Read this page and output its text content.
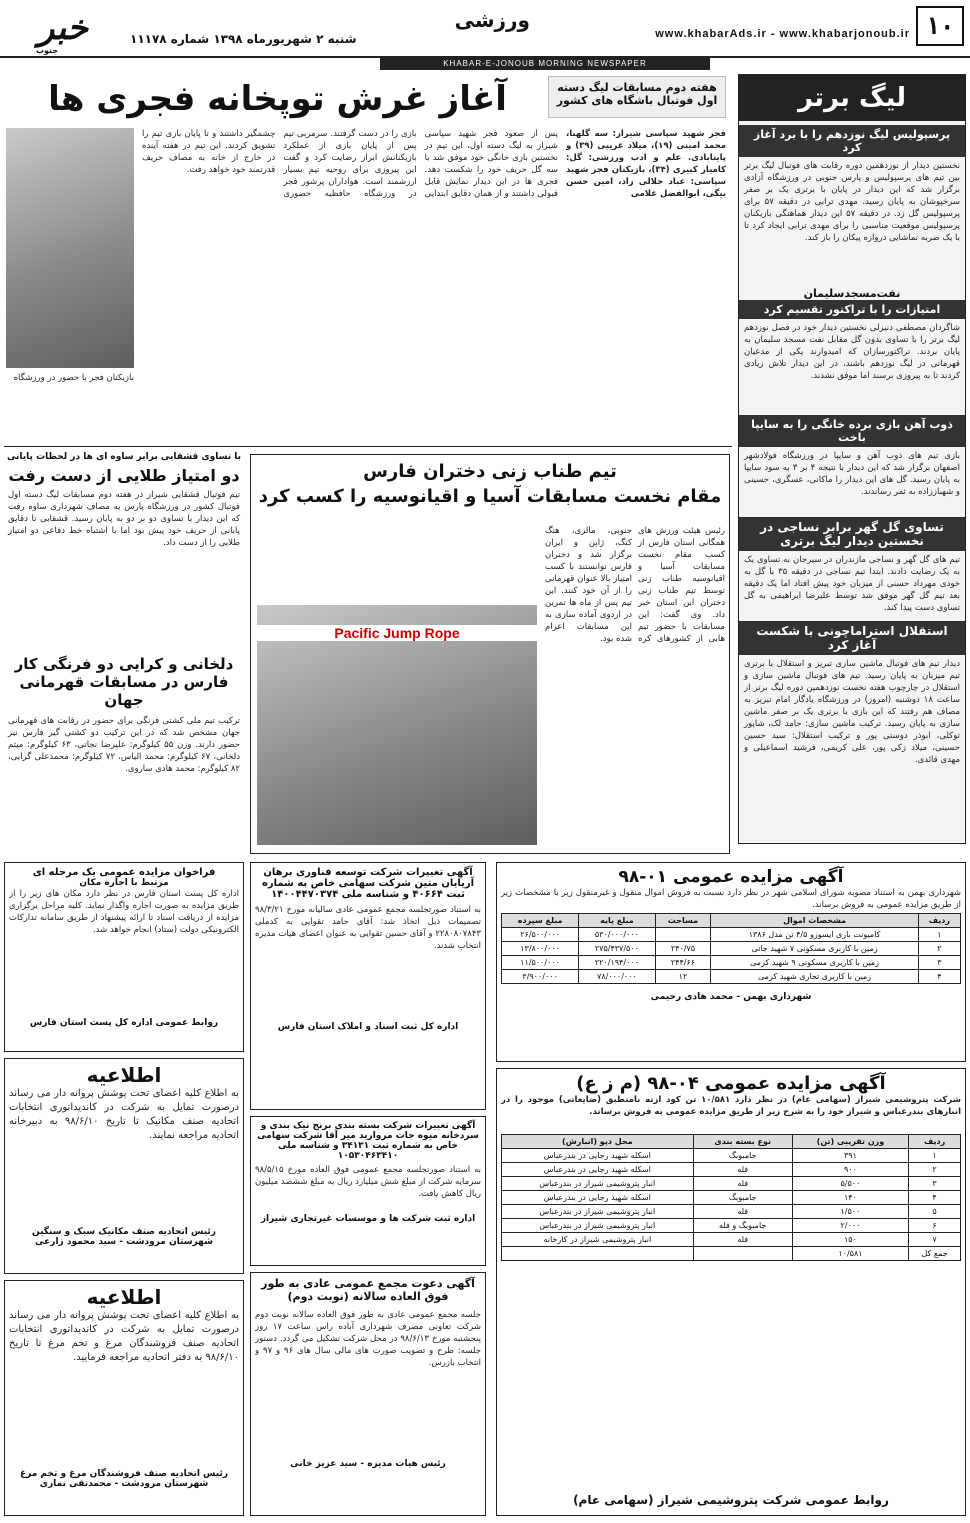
۱۰
ورزشی
www.khabarAds.ir - www.khabarjonoub.ir
شنبه ۲ شهریورماه ۱۳۹۸ شماره ۱۱۱۷۸
خبر
جنوب
KHABAR-E-JONOUB MORNING NEWSPAPER
لیگ برتر
پرسپولیس لیگ نوزدهم را با برد آغاز کرد
نخستین دیدار از نوزدهمین دوره رقابت های فوتبال لیگ برتر بین تیم های پرسپولیس و پارس جنوبی در ورزشگاه آزادی برگزار شد که این دیدار در پایان با برتری یک بر صفر سرخپوشان به پایان رسید. مهدی ترابی در دقیقه ۵۷ برای پرسپولیس گل زد. در دقیقه ۵۷ این دیدار هماهنگی بازیکنان پرسپولیس موقعیت مناسبی را برای مهدی ترابی ایجاد کرد تا با یک ضربه تماشایی دروازه پیکان را باز کند.
نفت‌مسجدسلیمان
امتیازات را با تراکتور تقسیم کرد
شاگردان مصطفی دنیزلی نخستین دیدار خود در فصل نوزدهم لیگ برتر را با تساوی بدون گل مقابل نفت مسجد سلیمان به پایان بردند. تراکتورسازان که امیدوارند یکی از مدعیان قهرمانی در لیگ نوزدهم باشند، در این دیدار تلاش زیادی کردند تا به پیروزی برسند اما موفق نشدند.
ذوب آهن بازی برده خانگی را به سایپا باخت
بازی تیم های ذوب آهن و سایپا در ورزشگاه فولادشهر اصفهان برگزار شد که این دیدار با نتیجه ۴ بر ۳ به سود سایپا به پایان رسید. گل های این دیدار را ماکانی، عسگری، حسینی و شهباززاده به ثمر رساندند.
تساوی گل گهر برابر نساجی در نخستین دیدار لیگ برتری
تیم های گل گهر و نساجی مازندران در سیرجان به تساوی یک به یک رضایت دادند. ابتدا تیم نساجی در دقیقه ۳۵ با گل به خودی مهرداد حسنی از میزبان خود پیش افتاد اما یک دقیقه بعد تیم گل گهر موفق شد توسط علیرضا ابراهیمی به گل تساوی دست پیدا کند.
استقلال استراماچونی با شکست آغاز کرد
دیدار تیم های فوتبال ماشین سازی تبریز و استقلال با برتری تیم میزبان به پایان رسید. تیم های فوتبال ماشین سازی و استقلال در چارچوب هفته نخست نوزدهمین دوره لیگ برتر از ساعت ۱۸ دوشنبه (امروز) در ورزشگاه یادگار امام تبریز به مصاف هم رفتند که این بازی با برتری یک بر صفر ماشین سازی به پایان رسید. ترکیب ماشین سازی: حامد لک، شاپور توکلی، ابوذر دوستی پور و ترکیب استقلال: سید حسین حسینی، میلاد زکی پور، علی کریمی، فرشید اسماعیلی و مهدی قائدی.
هفته دوم مسابقات لیگ دسته
اول فوتبال باشگاه های کشور
آغاز غرش توپخانه فجری ها
فجر شهید سپاسی شیراز: سه گلهبا، محمد امینی (۱۹)، میلاد غریبی (۳۹) و پاینابادی. علم و ادب ورزشی: گل: کامیار کبیری (۳۴)، بازیکنان فجر شهید سپاسی: عباد جلالی زاد، امین حسن بیگی، ابوالفضل غلامی
پس از صعود فجر شهید سپاسی شیراز به لیگ دسته اول، این تیم در نخستین بازی خانگی خود موفق شد با سه گل حریف خود را شکست دهد. فجری ها در این دیدار نمایش قابل قبولی داشتند و از همان دقایق ابتدایی بازی را در دست گرفتند. سرمربی تیم پس از پایان بازی از عملکرد بازیکنانش ابراز رضایت کرد و گفت این پیروزی برای روحیه تیم بسیار ارزشمند است. هواداران پرشور فجر در ورزشگاه حافظیه حضوری چشمگیر داشتند و تا پایان بازی تیم را تشویق کردند. این تیم در هفته آینده در خارج از خانه به مصاف حریف قدرتمند خود خواهد رفت.
بازیکنان فجر با حضور در ورزشگاه
با تساوی قشقایی برابر ساوه ای ها در لحظات پایانی
دو امتیاز طلایی از دست رفت
تیم فوتبال قشقایی شیراز در هفته دوم مسابقات لیگ دسته اول فوتبال کشور در ورزشگاه پارس به مصاف شهرداری ساوه رفت که این دیدار با تساوی دو بر دو به پایان رسید. قشقایی تا دقایق پایانی از حریف خود پیش بود اما با اشتباه خط دفاعی دو امتیاز طلایی را از دست داد.
دلخانی و کرایی دو فرنگی کار فارس در مسابقات قهرمانی جهان
ترکیب تیم ملی کشتی فرنگی برای حضور در رقابت های قهرمانی جهان مشخص شد که در این ترکیب دو کشتی گیر فارس نیز حضور دارند. وزن ۵۵ کیلوگرم: علیرضا نجاتی، ۶۳ کیلوگرم: میثم دلخانی، ۶۷ کیلوگرم: محمد الیاس، ۷۲ کیلوگرم: محمدعلی گرایی، ۸۲ کیلوگرم: محمد هادی ساروی.
تیم طناب زنی دختران فارس
مقام نخست مسابقات آسیا و اقیانوسیه را کسب کرد
رئیس هیئت ورزش های همگانی استان فارس از کسب مقام نخست مسابقات آسیا و اقیانوسیه طناب زنی توسط تیم طناب زنی دختران این استان خبر داد. وی گفت: این مسابقات با حضور تیم هایی از کشورهای کره جنوبی، مالزی، هنگ کنگ، ژاپن و ایران برگزار شد و دختران فارس توانستند با کسب امتیاز بالا عنوان قهرمانی را از آن خود کنند. این تیم پس از ماه ها تمرین در اردوی آماده سازی به این مسابقات اعزام شده بود.
Pacific Jump Rope
آگهی مزایده عمومی ۰۱-۹۸
شهرداری بهمن به استناد مصوبه شورای اسلامی شهر در نظر دارد نسبت به فروش اموال منقول و غیرمنقول زیر با مشخصات زیر از طریق مزایده عمومی به فروش برساند.
ردیف	مشخصات اموال	مساحت	مبلغ پایه	مبلغ سپرده
۱	کامیونت باری ایسوزو ۴/۵ تن مدل ۱۳۸۶		۵۳۰/۰۰۰/۰۰۰	۲۶/۵۰۰/۰۰۰
۲	زمین با کاربری مسکونی ۷ شهید جانی	۲۴۰/۷۵	۲۷۵/۴۳۷/۵۰۰	۱۳/۸۰۰/۰۰۰
۳	زمین با کاربری مسکونی ۹ شهید کرمی	۲۴۴/۶۶	۲۲۰/۱۹۴/۰۰۰	۱۱/۵۰۰/۰۰۰
۴	زمین با کاربری تجاری شهید کرمی	۱۲	۷۸/۰۰۰/۰۰۰	۳/۹۰۰/۰۰۰
شهرداری بهمن - محمد هادی رحیمی
آگهی مزایده عمومی ۰۴-۹۸ (م ز ع)
شرکت پتروشیمی شیراز (سهامی عام) در نظر دارد ۱۰/۵۸۱ تن کود ازته نامنطبق (ضایعاتی) موجود را در انبارهای بندرعباس و شیراز خود را به شرح زیر از طریق مزایده عمومی به فروش برساند.
ردیف	وزن تقریبی (تن)	نوع بسته بندی	محل دپو (انبارش)
۱	۳۹۱	جامبوبگ	اسکله شهید رجایی در بندرعباس
۲	۹۰۰	فله	اسکله شهید رجایی در بندرعباس
۳	۵/۵۰۰	فله	انبار پتروشیمی شیراز در بندرعباس
۴	۱۴۰	جامبوبگ	اسکله شهید رجایی در بندرعباس
۵	۱/۵۰۰	فله	انبار پتروشیمی شیراز در بندرعباس
۶	۲/۰۰۰	جامبوبگ و فله	انبار پتروشیمی شیراز در بندرعباس
۷	۱۵۰	فله	انبار پتروشیمی شیراز در کارخانه
جمع کل	۱۰/۵۸۱		
روابط عمومی شرکت پتروشیمی شیراز (سهامی عام)
فراخوان مزایده عمومی یک مرحله ای
مرتبط با اجاره مکان
اداره کل پست استان فارس در نظر دارد مکان های زیر را از طریق مزایده به صورت اجاره واگذار نماید. کلیه مراحل برگزاری مزایده از دریافت اسناد تا ارائه پیشنهاد از طریق سامانه تدارکات الکترونیکی دولت (ستاد) انجام خواهد شد.
روابط عمومی اداره کل پست استان فارس
اطلاعیه
به اطلاع کلیه اعضای تحت پوشش پروانه دار می رساند درصورت تمایل به شرکت در کاندیداتوری انتخابات اتحادیه صنف مکانیک تا تاریخ ۹۸/۶/۱۰ به دبیرخانه اتحادیه مراجعه نمایند.
رئیس اتحادیه صنف مکانیک سبک و سنگین شهرستان مرودشت - سید محمود زارعی
اطلاعیه
به اطلاع کلیه اعضای تحت پوشش پروانه دار می رساند درصورت تمایل به شرکت در کاندیداتوری انتخابات اتحادیه صنف فروشندگان مرغ و تخم مرغ تا تاریخ ۹۸/۶/۱۰ به دفتر اتحادیه مراجعه فرمایید.
رئیس اتحادیه صنف فروشندگان مرغ و تخم مرغ شهرستان مرودشت - محمدتقی نمازی
آگهی تغییرات شرکت توسعه فناوری برهان آریایان متین شرکت سهامی خاص به شماره ثبت ۴۰۶۶۴ و شناسه ملی ۱۴۰۰۴۴۷۰۳۷۴
به استناد صورتجلسه مجمع عمومی عادی سالیانه مورخ ۹۸/۳/۲۱ تصمیمات ذیل اتخاذ شد: آقای حامد تقوایی به کدملی ۲۲۸۰۸۰۷۸۴۳ و آقای حسین تقوایی به عنوان اعضای هیات مدیره انتخاب شدند.
اداره کل ثبت اسناد و املاک استان فارس
آگهی تغییرات شرکت بسته بندی برنج نیک بندی و سردخانه میوه جات مروارید میر آقا شرکت سهامی خاص به شماره ثبت ۳۴۱۳۱ و شناسه ملی ۱۰۵۳۰۴۶۳۴۱۰
به استناد صورتجلسه مجمع عمومی فوق العاده مورخ ۹۸/۵/۱۵ سرمایه شرکت از مبلغ شش میلیارد ریال به مبلغ ششصد میلیون ریال کاهش یافت.
اداره ثبت شرکت ها و موسسات غیرتجاری شیراز
آگهی دعوت مجمع عمومی عادی به طور فوق العاده سالانه (نوبت دوم)
جلسه مجمع عمومی عادی به طور فوق العاده سالانه نوبت دوم شرکت تعاونی مصرف شهرداری آباده راس ساعت ۱۷ روز پنجشنبه مورخ ۹۸/۶/۱۳ در محل شرکت تشکیل می گردد. دستور جلسه: طرح و تصویب صورت های مالی سال های ۹۶ و ۹۷ و انتخاب بازرس.
رئیس هیات مدیره - سید عزیز خانی
